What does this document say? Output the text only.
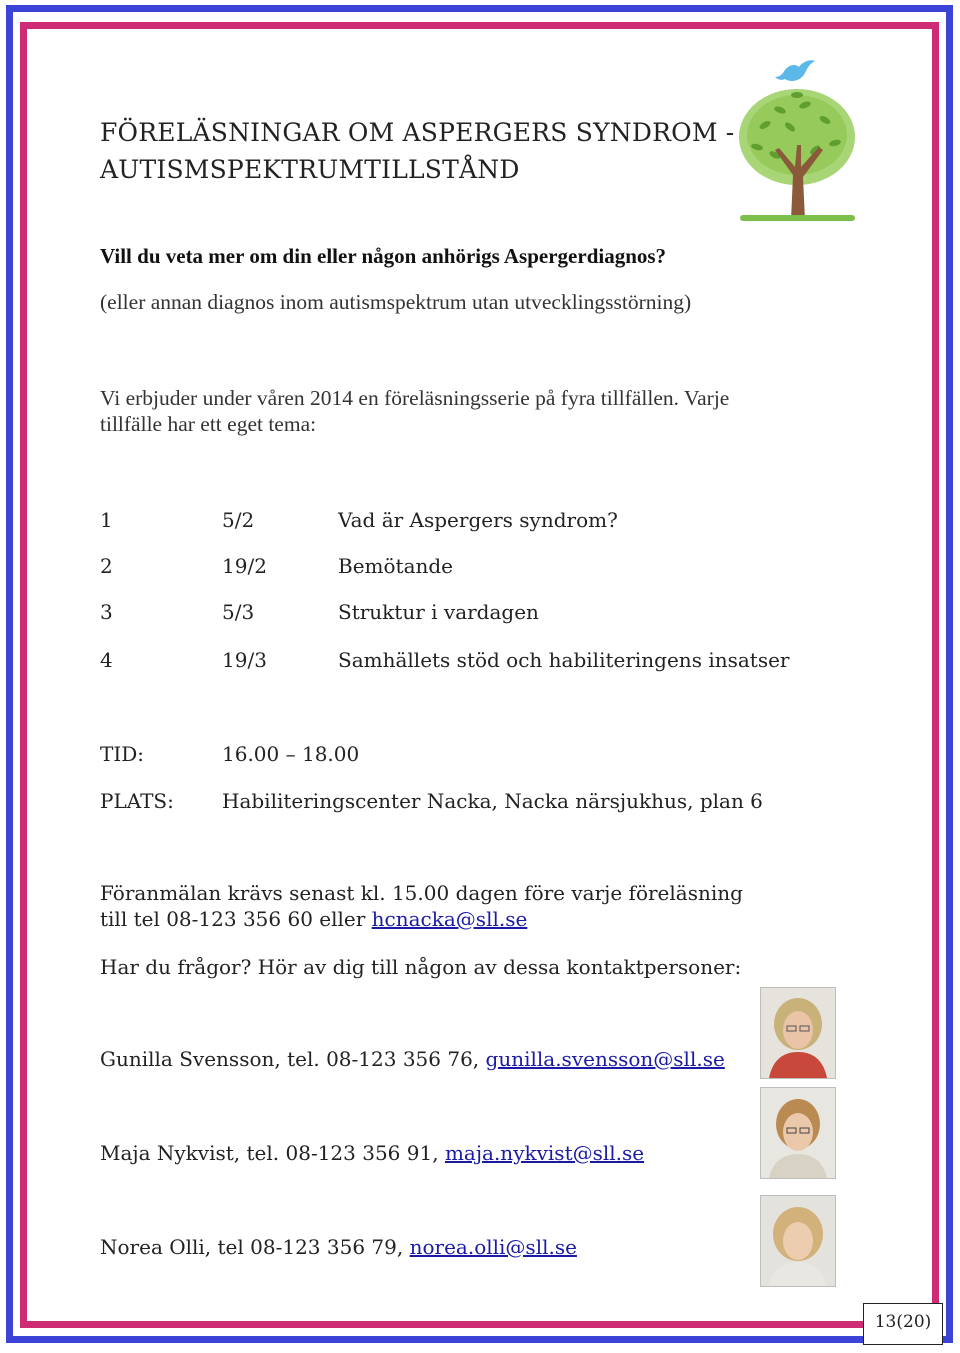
FÖRELÄSNINGAR OM ASPERGERS SYNDROM -
AUTISMSPEKTRUMTILLSTÅND
Vill du veta mer om din eller någon anhörigs Aspergerdiagnos?
(eller annan diagnos inom autismspektrum utan utvecklingsstörning)
Vi erbjuder under våren 2014 en föreläsningsserie på fyra tillfällen. Varje
tillfälle har ett eget tema:
1	5/2	Vad är Aspergers syndrom?
2	19/2	Bemötande
3	5/3	Struktur i vardagen
4	19/3	Samhällets stöd och habiliteringens insatser
TID:	16.00 – 18.00
PLATS: Habiliteringscenter Nacka, Nacka närsjukhus, plan 6
Föranmälan krävs senast kl. 15.00 dagen före varje föreläsning
till tel 08-123 356 60 eller hcnacka@sll.se
Har du frågor? Hör av dig till någon av dessa kontaktpersoner:
Gunilla Svensson, tel. 08-123 356 76, gunilla.svensson@sll.se
Maja Nykvist, tel. 08-123 356 91, maja.nykvist@sll.se
Norea Olli, tel 08-123 356 79, norea.olli@sll.se
13(20)
